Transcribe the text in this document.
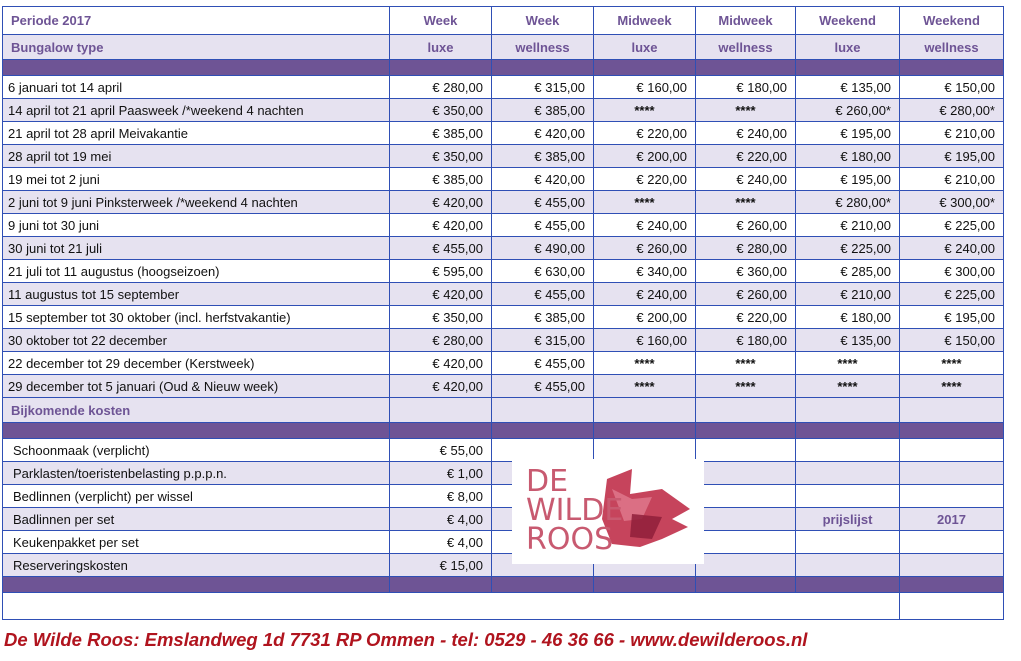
Periode 2017	Week	Week	Midweek	Midweek	Weekend	Weekend
Bungalow type	luxe	wellness	luxe	wellness	luxe	wellness

6 januari tot 14 april	€ 280,00	€ 315,00	€ 160,00	€ 180,00	€ 135,00	€ 150,00
14 april tot 21 april Paasweek /*weekend 4 nachten	€ 350,00	€ 385,00	****	****	€ 260,00*	€ 280,00*
21 april tot 28 april Meivakantie	€ 385,00	€ 420,00	€ 220,00	€ 240,00	€ 195,00	€ 210,00
28 april tot 19 mei	€ 350,00	€ 385,00	€ 200,00	€ 220,00	€ 180,00	€ 195,00
19 mei tot 2 juni	€ 385,00	€ 420,00	€ 220,00	€ 240,00	€ 195,00	€ 210,00
2 juni tot 9 juni Pinksterweek /*weekend 4 nachten	€ 420,00	€ 455,00	****	****	€ 280,00*	€ 300,00*
9 juni tot 30 juni	€ 420,00	€ 455,00	€ 240,00	€ 260,00	€ 210,00	€ 225,00
30 juni tot 21 juli	€ 455,00	€ 490,00	€ 260,00	€ 280,00	€ 225,00	€ 240,00
21 juli tot 11 augustus (hoogseizoen)	€ 595,00	€ 630,00	€ 340,00	€ 360,00	€ 285,00	€ 300,00
11 augustus tot 15 september	€ 420,00	€ 455,00	€ 240,00	€ 260,00	€ 210,00	€ 225,00
15 september tot 30 oktober (incl. herfstvakantie)	€ 350,00	€ 385,00	€ 200,00	€ 220,00	€ 180,00	€ 195,00
30 oktober tot 22 december	€ 280,00	€ 315,00	€ 160,00	€ 180,00	€ 135,00	€ 150,00
22 december tot 29 december (Kerstweek)	€ 420,00	€ 455,00	****	****	****	****
29 december tot 5 januari (Oud & Nieuw week)	€ 420,00	€ 455,00	****	****	****	****
Bijkomende kosten						

Schoonmaak (verplicht)	€ 55,00					
Parklasten/toeristenbelasting p.p.p.n.	€ 1,00					
Bedlinnen (verplicht) per wissel	€ 8,00					
Badlinnen per set	€ 4,00				prijslijst	2017
Keukenpakket per set	€ 4,00					
Reserveringskosten	€ 15,00					

DE
WILDE
ROOS
De Wilde Roos: Emslandweg 1d 7731 RP Ommen - tel: 0529 - 46 36 66 - www.dewilderoos.nl
